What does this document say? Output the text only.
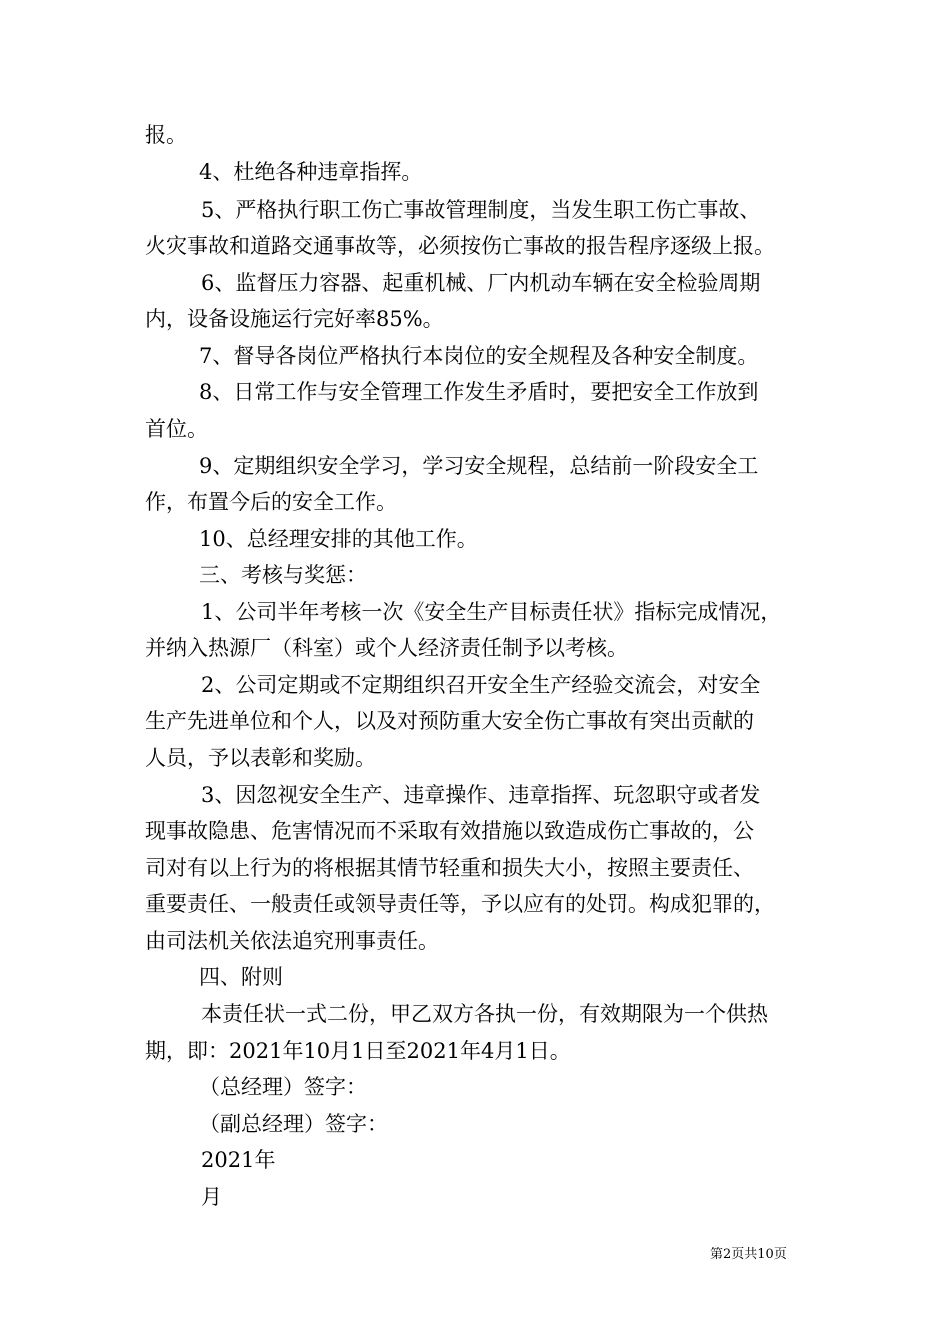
报。
4、杜绝各种违章指挥。
5、严格执行职工伤亡事故管理制度，当发生职工伤亡事故、
火灾事故和道路交通事故等，必须按伤亡事故的报告程序逐级上报。
6、监督压力容器、起重机械、厂内机动车辆在安全检验周期
内，设备设施运行完好率85%。
7、督导各岗位严格执行本岗位的安全规程及各种安全制度。
8、日常工作与安全管理工作发生矛盾时，要把安全工作放到
首位。
9、定期组织安全学习，学习安全规程，总结前一阶段安全工
作，布置今后的安全工作。
10、总经理安排的其他工作。
三、考核与奖惩：
1、公司半年考核一次《安全生产目标责任状》指标完成情况，
并纳入热源厂（科室）或个人经济责任制予以考核。
2、公司定期或不定期组织召开安全生产经验交流会，对安全
生产先进单位和个人，以及对预防重大安全伤亡事故有突出贡献的
人员，予以表彰和奖励。
3、因忽视安全生产、违章操作、违章指挥、玩忽职守或者发
现事故隐患、危害情况而不采取有效措施以致造成伤亡事故的，公
司对有以上行为的将根据其情节轻重和损失大小，按照主要责任、
重要责任、一般责任或领导责任等，予以应有的处罚。构成犯罪的，
由司法机关依法追究刑事责任。
四、附则
本责任状一式二份，甲乙双方各执一份，有效期限为一个供热
期，即：2021年10月1日至2021年4月1日。
（总经理）签字：
（副总经理）签字：
2021年
月
第2页共10页
